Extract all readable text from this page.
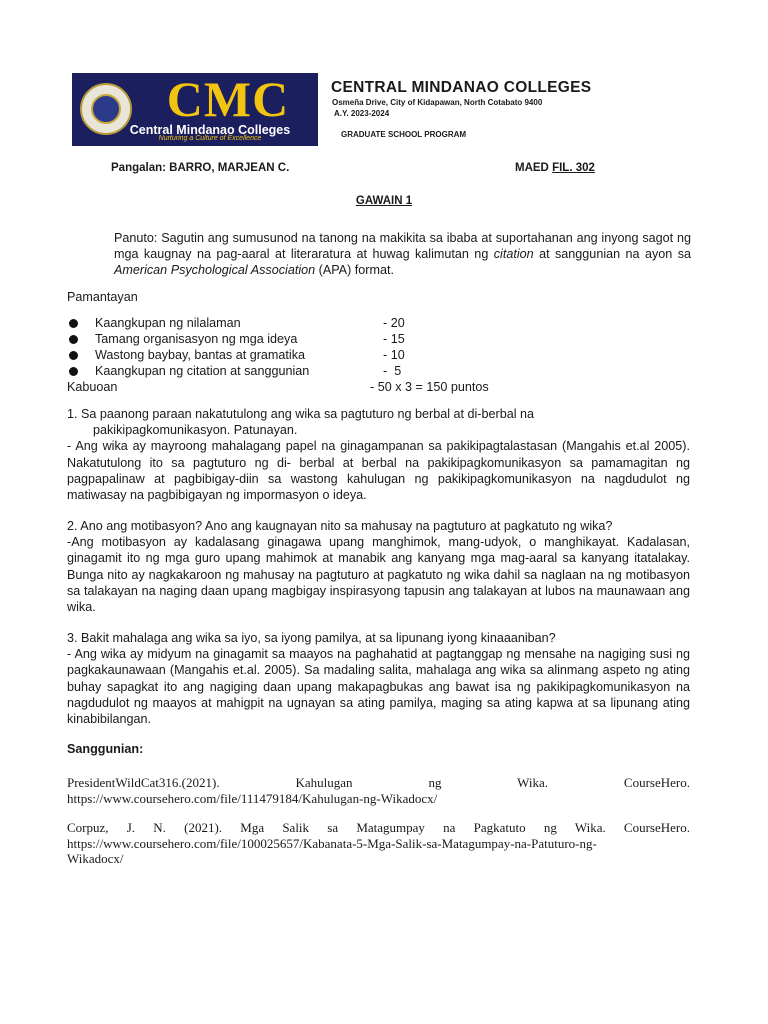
CMC
Central Mindanao Colleges
Nurturing a Culture of Excellence
CENTRAL MINDANAO COLLEGES
Osmeña Drive, City of Kidapawan, North Cotabato 9400
A.Y. 2023-2024
GRADUATE SCHOOL PROGRAM
Pangalan: BARRO, MARJEAN C.	MAED FIL. 302
GAWAIN 1
Panuto: Sagutin ang sumusunod na tanong na makikita sa ibaba at suportahanan ang inyong sagot ng mga kaugnay na pag-aaral at literaratura at huwag kalimutan ng citation at sanggunian na ayon sa American Psychological Association (APA) format.
Pamantayan
Kaangkupan ng nilalaman	- 20
Tamang organisasyon ng mga ideya	- 15
Wastong baybay, bantas at gramatika	- 10
Kaangkupan ng citation at sanggunian	-  5
Kabuoan	- 50 x 3 = 150 puntos
1. Sa paanong paraan nakatutulong ang wika sa pagtuturo ng berbal at di-berbal na
pakikipagkomunikasyon. Patunayan.
- Ang wika ay mayroong mahalagang papel na ginagampanan sa pakikipagtalastasan (Mangahis et.al 2005). Nakatutulong ito sa pagtuturo ng di- berbal at berbal na pakikipagkomunikasyon sa pamamagitan ng pagpapalinaw at pagbibigay-diin sa wastong kahulugan ng pakikipagkomunikasyon na nagdudulot ng matiwasay na pagbibigayan ng impormasyon o ideya.
2. Ano ang motibasyon? Ano ang kaugnayan nito sa mahusay na pagtuturo at pagkatuto ng wika?
-Ang motibasyon ay kadalasang ginagawa upang manghimok, mang-udyok, o manghikayat. Kadalasan, ginagamit ito ng mga guro upang mahimok at manabik ang kanyang mga mag-aaral sa kanyang itatalakay. Bunga nito ay nagkakaroon ng mahusay na pagtuturo at pagkatuto ng wika dahil sa naglaan na ng motibasyon sa talakayan na naging daan upang magbigay inspirasyong tapusin ang talakayan at lubos na maunawaan ang wika.
3. Bakit mahalaga ang wika sa iyo, sa iyong pamilya, at sa lipunang iyong kinaaaniban?
- Ang wika ay midyum na ginagamit sa maayos na paghahatid at pagtanggap ng mensahe na nagiging susi ng pagkakaunawaan (Mangahis et.al. 2005). Sa madaling salita, mahalaga ang wika sa alinmang aspeto ng ating buhay sapagkat ito ang nagiging daan upang makapagbukas ang bawat isa ng pakikipagkomunikasyon na nagdudulot ng maayos at mahigpit na ugnayan sa ating pamilya, maging sa ating kapwa at sa lipunang ating kinabibilangan.
Sanggunian:
PresidentWildCat316.(2021). Kahulugan ng Wika. CourseHero.
https://www.coursehero.com/file/111479184/Kahulugan-ng-Wikadocx/
Corpuz, J. N. (2021). Mga Salik sa Matagumpay na Pagkatuto ng Wika. CourseHero.
https://www.coursehero.com/file/100025657/Kabanata-5-Mga-Salik-sa-Matagumpay-na-Patuturo-ng-
Wikadocx/
